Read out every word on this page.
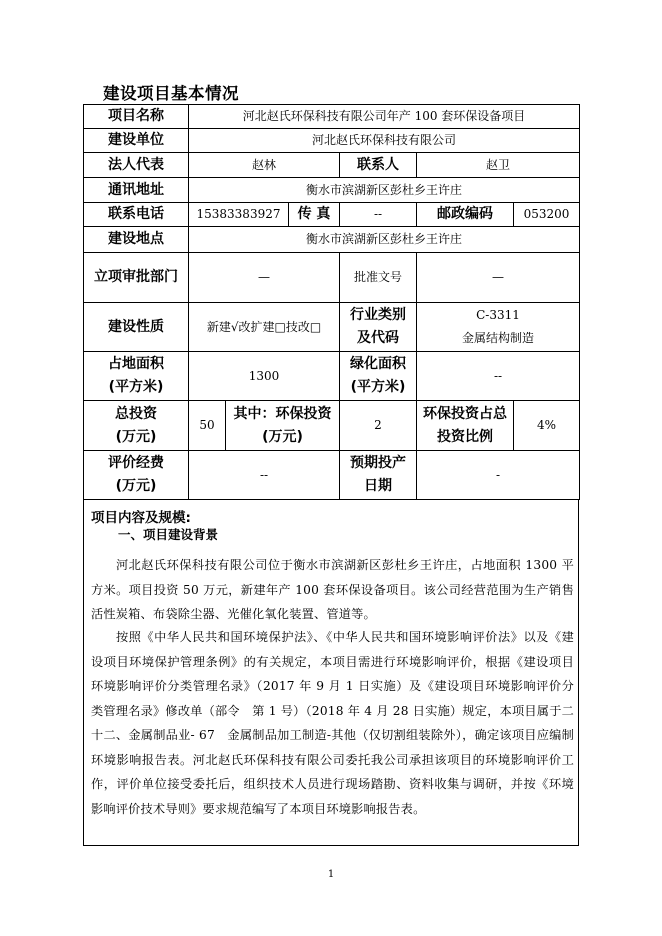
建设项目基本情况
项目名称	河北赵氏环保科技有限公司年产 100 套环保设备项目					
建设单位	河北赵氏环保科技有限公司					
法人代表	赵林			联系人	赵卫	
通讯地址	衡水市滨湖新区彭杜乡王许庄					
联系电话	15383383927		传 真	--	邮政编码	053200
建设地点	衡水市滨湖新区彭杜乡王许庄					
立项审批部门	—			批准文号	—	
建设性质	新建√改扩建□技改□			行业类别及代码	C-3311
金属结构制造	

占地面积(平方米)	1300			绿化面积(平方米)	--	
总投资(万元)	50	其中：环保投资(万元)		2	环保投资占总投资比例	4%
评价经费(万元)	--			预期投产日期	-	
项目内容及规模:
一、项目建设背景

河北赵氏环保科技有限公司位于衡水市滨湖新区彭杜乡王许庄，占地面积 1300 平方米。项目投资 50 万元，新建年产 100 套环保设备项目。该公司经营范围为生产销售活性炭箱、布袋除尘器、光催化氧化装置、管道等。

按照《中华人民共和国环境保护法》、《中华人民共和国环境影响评价法》以及《建设项目环境保护管理条例》的有关规定，本项目需进行环境影响评价，根据《建设项目环境影响评价分类管理名录》（2017 年 9 月 1 日实施）及《建设项目环境影响评价分类管理名录》修改单（部令　第 1 号）（2018 年 4 月 28 日实施）规定，本项目属于二十二、金属制品业- 67　金属制品加工制造-其他（仅切割组装除外），确定该项目应编制环境影响报告表。河北赵氏环保科技有限公司委托我公司承担该项目的环境影响评价工作，评价单位接受委托后，组织技术人员进行现场踏勘、资料收集与调研，并按《环境影响评价技术导则》要求规范编写了本项目环境影响报告表。

1
